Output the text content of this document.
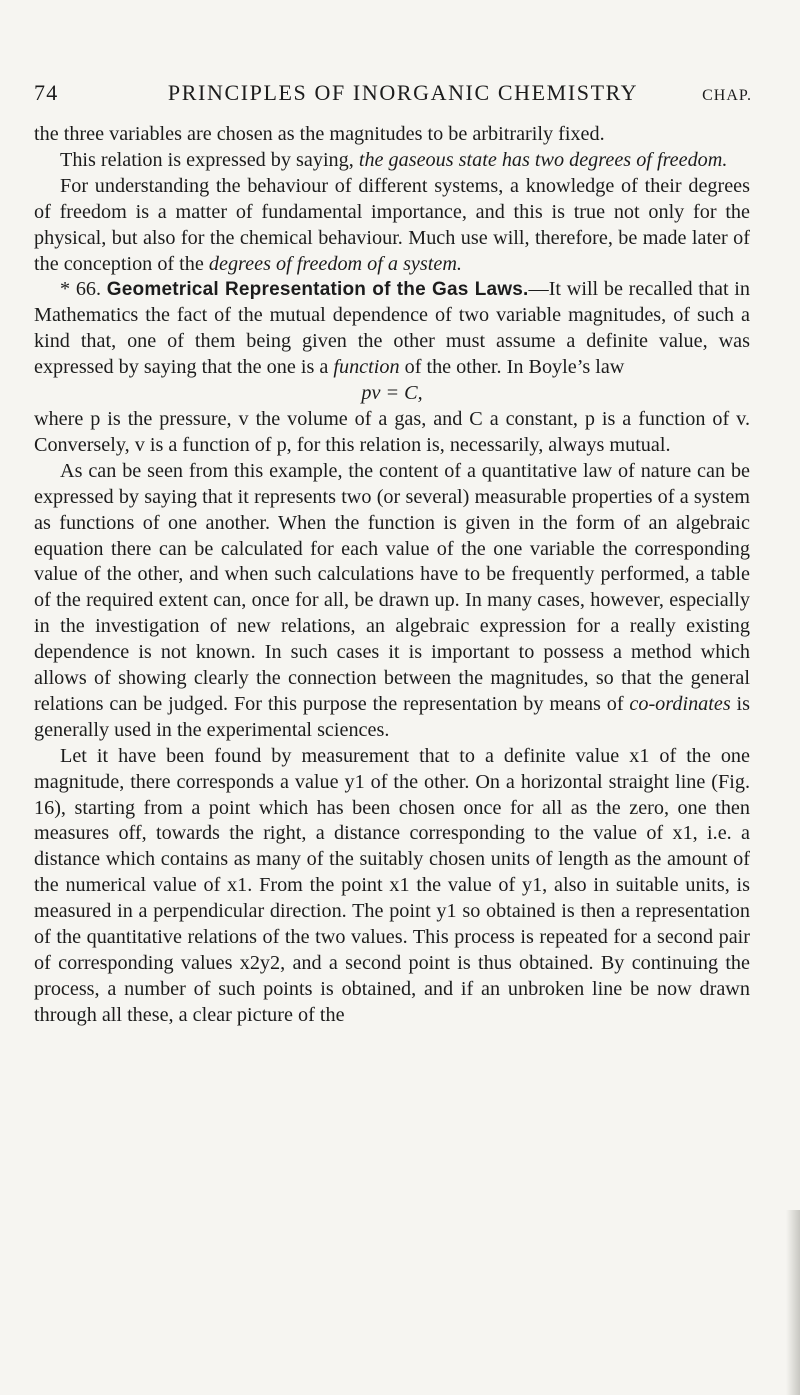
74	PRINCIPLES OF INORGANIC CHEMISTRY	CHAP.

the three variables are chosen as the magnitudes to be arbitrarily fixed.

This relation is expressed by saying, the gaseous state has two degrees of freedom.

For understanding the behaviour of different systems, a knowledge of their degrees of freedom is a matter of fundamental importance, and this is true not only for the physical, but also for the chemical behaviour. Much use will, therefore, be made later of the conception of the degrees of freedom of a system.

* 66. Geometrical Representation of the Gas Laws.—It will be recalled that in Mathematics the fact of the mutual dependence of two variable magnitudes, of such a kind that, one of them being given the other must assume a definite value, was expressed by saying that the one is a function of the other. In Boyle’s law

pv = C,

where p is the pressure, v the volume of a gas, and C a constant, p is a function of v. Conversely, v is a function of p, for this relation is, necessarily, always mutual.

As can be seen from this example, the content of a quantitative law of nature can be expressed by saying that it represents two (or several) measurable properties of a system as functions of one another. When the function is given in the form of an algebraic equation there can be calculated for each value of the one variable the corresponding value of the other, and when such calculations have to be frequently performed, a table of the required extent can, once for all, be drawn up. In many cases, however, especially in the investigation of new relations, an algebraic expression for a really existing dependence is not known. In such cases it is important to possess a method which allows of showing clearly the connection between the magnitudes, so that the general relations can be judged. For this purpose the representation by means of co-ordinates is generally used in the experimental sciences.

Let it have been found by measurement that to a definite value x1 of the one magnitude, there corresponds a value y1 of the other. On a horizontal straight line (Fig. 16), starting from a point which has been chosen once for all as the zero, one then measures off, towards the right, a distance corresponding to the value of x1, i.e. a distance which contains as many of the suitably chosen units of length as the amount of the numerical value of x1. From the point x1 the value of y1, also in suitable units, is measured in a perpendicular direction. The point y1 so obtained is then a representation of the quantitative relations of the two values. This process is repeated for a second pair of corresponding values x2y2, and a second point is thus obtained. By continuing the process, a number of such points is obtained, and if an unbroken line be now drawn through all these, a clear picture of the
